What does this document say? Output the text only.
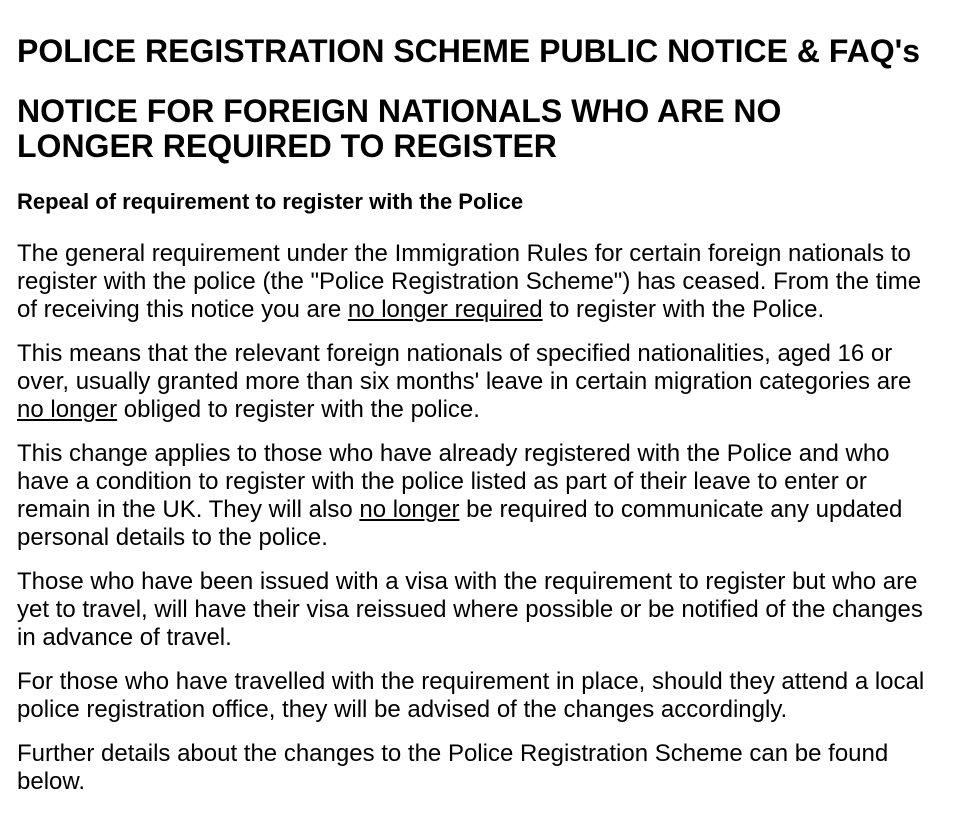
POLICE REGISTRATION SCHEME PUBLIC NOTICE & FAQ's
NOTICE FOR FOREIGN NATIONALS WHO ARE NO LONGER REQUIRED TO REGISTER
Repeal of requirement to register with the Police
The general requirement under the Immigration Rules for certain foreign nationals to
register with the police (the "Police Registration Scheme") has ceased. From the time
of receiving this notice you are no longer required to register with the Police.
This means that the relevant foreign nationals of specified nationalities, aged 16 or
over, usually granted more than six months' leave in certain migration categories are
no longer obliged to register with the police.
This change applies to those who have already registered with the Police and who
have a condition to register with the police listed as part of their leave to enter or
remain in the UK. They will also no longer be required to communicate any updated
personal details to the police.
Those who have been issued with a visa with the requirement to register but who are
yet to travel, will have their visa reissued where possible or be notified of the changes
in advance of travel.
For those who have travelled with the requirement in place, should they attend a local
police registration office, they will be advised of the changes accordingly.
Further details about the changes to the Police Registration Scheme can be found
below.
